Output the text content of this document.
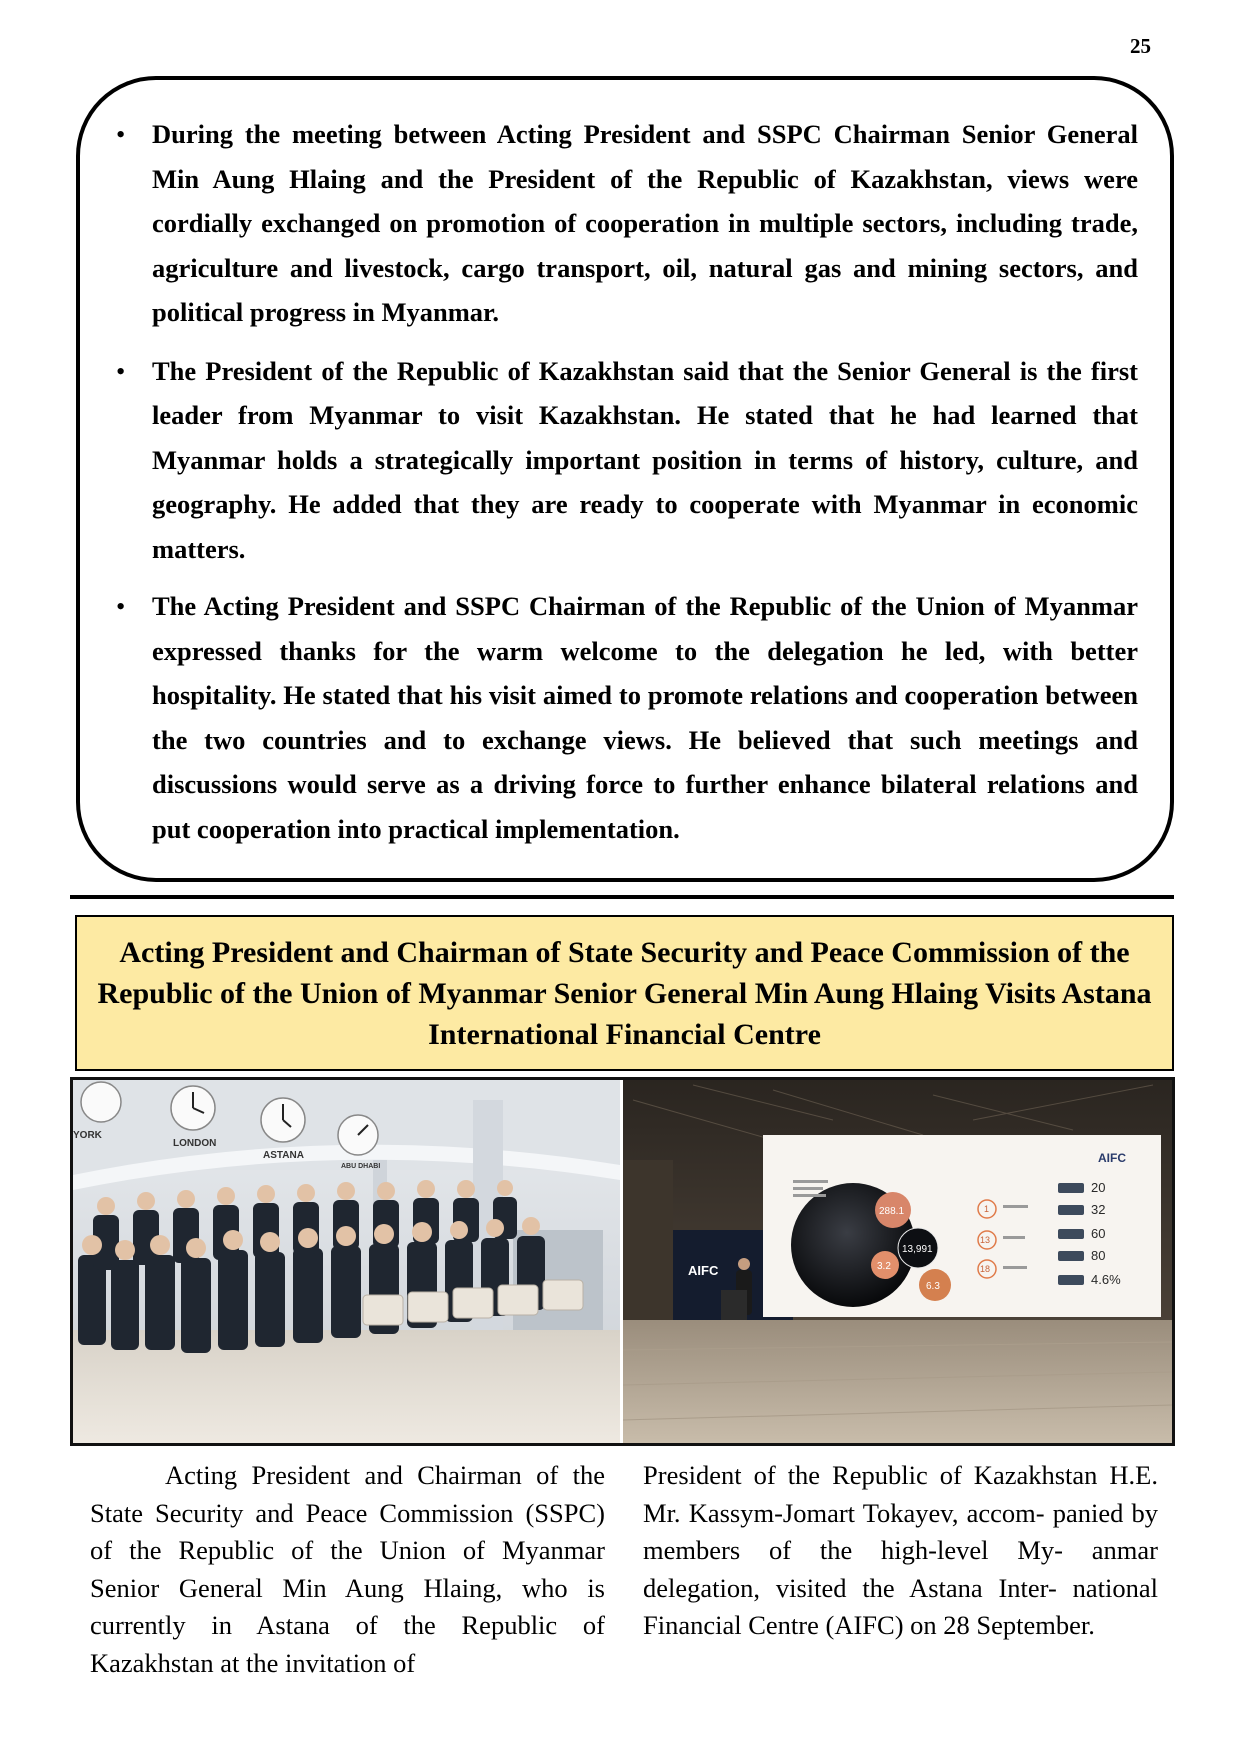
25
• During the meeting between Acting President and SSPC Chairman Senior General Min Aung Hlaing and the President of the Republic of Kazakhstan, views were cordially exchanged on promotion of cooperation in multiple sectors, including trade, agriculture and livestock, cargo transport, oil, natural gas and mining sectors, and political progress in Myanmar.
• The President of the Republic of Kazakhstan said that the Senior General is the first leader from Myanmar to visit Kazakhstan. He stated that he had learned that Myanmar holds a strategically important position in terms of history, culture, and geography. He added that they are ready to cooperate with Myanmar in economic matters.
• The Acting President and SSPC Chairman of the Republic of the Union of Myanmar expressed thanks for the warm welcome to the delegation he led, with better hospitality. He stated that his visit aimed to promote relations and cooperation between the two countries and to exchange views. He believed that such meetings and discussions would serve as a driving force to further enhance bilateral relations and put cooperation into practical implementation.
Acting President and Chairman of State Security and Peace Commission of the Republic of the Union of Myanmar Senior General Min Aung Hlaing Visits Astana International Financial Centre
YORK
LONDON
ASTANA
ABU DHABI
AIFC
AIFC
288.1
13,991
3.2
6.3
1
13
18
20
32
60
80
4.6%

Acting President and Chairman of the State Security and Peace Commission (SSPC) of the Republic of the Union of Myanmar Senior General Min Aung Hlaing, who is currently in Astana of the Republic of Kazakhstan at the invitation of

President of the Republic of Kazakhstan H.E. Mr. Kassym-Jomart Tokayev, accom- panied by members of the high-level My- anmar delegation, visited the Astana Inter- national Financial Centre (AIFC) on 28 September.
